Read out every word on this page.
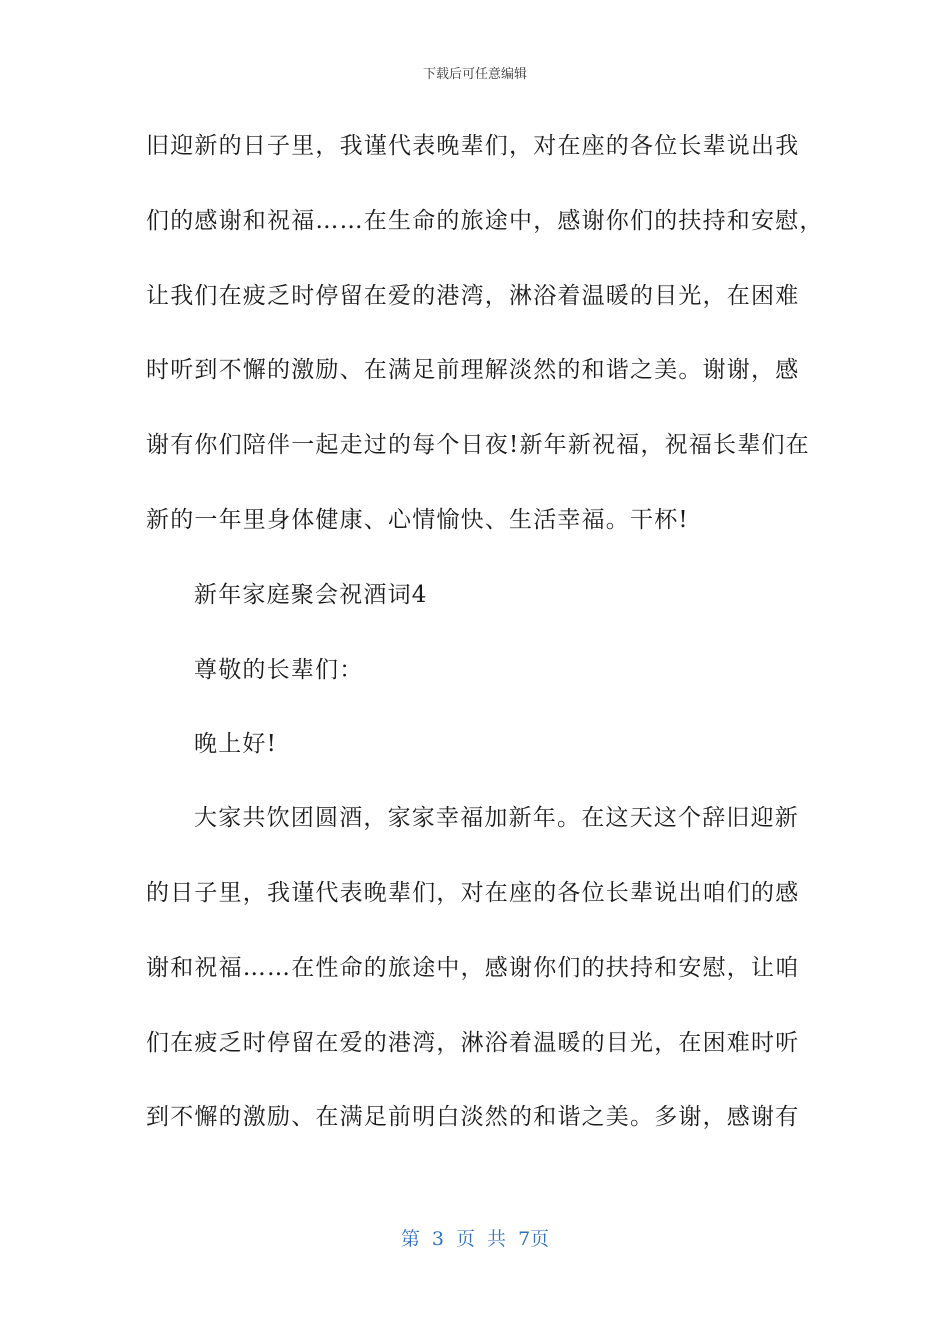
下载后可任意编辑
旧迎新的日子里，我谨代表晚辈们，对在座的各位长辈说出我
们的感谢和祝福……在生命的旅途中，感谢你们的扶持和安慰，
让我们在疲乏时停留在爱的港湾，淋浴着温暖的目光，在困难
时听到不懈的激励、在满足前理解淡然的和谐之美。谢谢，感
谢有你们陪伴一起走过的每个日夜!新年新祝福，祝福长辈们在
新的一年里身体健康、心情愉快、生活幸福。干杯!
新年家庭聚会祝酒词4
尊敬的长辈们：
晚上好!
大家共饮团圆酒，家家幸福加新年。在这天这个辞旧迎新
的日子里，我谨代表晚辈们，对在座的各位长辈说出咱们的感
谢和祝福……在性命的旅途中，感谢你们的扶持和安慰，让咱
们在疲乏时停留在爱的港湾，淋浴着温暖的目光，在困难时听
到不懈的激励、在满足前明白淡然的和谐之美。多谢，感谢有
第 3 页 共 7页
